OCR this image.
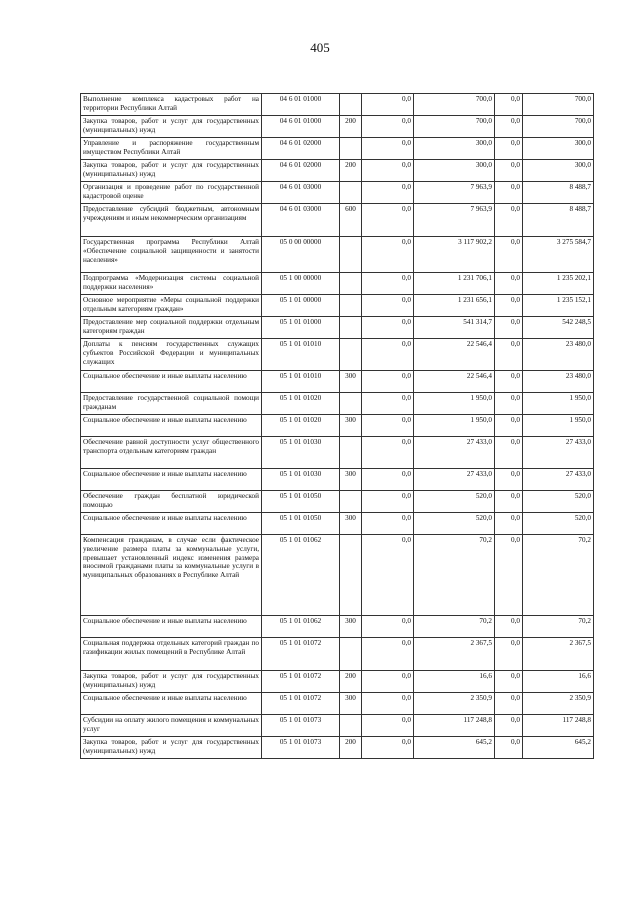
405
Выполнение комплекса кадастровых работ на территории Республики Алтай	04 6 01 01000		0,0	700,0	0,0	700,0
Закупка товаров, работ и услуг для государственных (муниципальных) нужд	04 6 01 01000	200	0,0	700,0	0,0	700,0
Управление и распоряжение государственным имуществом Республики Алтай	04 6 01 02000		0,0	300,0	0,0	300,0
Закупка товаров, работ и услуг для государственных (муниципальных) нужд	04 6 01 02000	200	0,0	300,0	0,0	300,0
Организация и проведение работ по государственной кадастровой оценке	04 6 01 03000		0,0	7 963,9	0,0	8 488,7
Предоставление субсидий бюджетным, автономным учреждениям и иным некоммерческим организациям	04 6 01 03000	600	0,0	7 963,9	0,0	8 488,7
Государственная программа Республики Алтай «Обеспечение социальной защищенности и занятости населения»	05 0 00 00000		0,0	3 117 902,2	0,0	3 275 584,7
Подпрограмма «Модернизация системы социальной поддержки населения»	05 1 00 00000		0,0	1 231 706,1	0,0	1 235 202,1
Основное мероприятие «Меры социальной поддержки отдельным категориям граждан»	05 1 01 00000		0,0	1 231 656,1	0,0	1 235 152,1
Предоставление мер социальной поддержки отдельным категориям граждан	05 1 01 01000		0,0	541 314,7	0,0	542 248,5
Доплаты к пенсиям государственных служащих субъектов Российской Федерации и муниципальных служащих	05 1 01 01010		0,0	22 546,4	0,0	23 480,0
Социальное обеспечение и иные выплаты населению	05 1 01 01010	300	0,0	22 546,4	0,0	23 480,0
Предоставление государственной социальной помощи гражданам	05 1 01 01020		0,0	1 950,0	0,0	1 950,0
Социальное обеспечение и иные выплаты населению	05 1 01 01020	300	0,0	1 950,0	0,0	1 950,0
Обеспечение равной доступности услуг общественного транспорта отдельным категориям граждан	05 1 01 01030		0,0	27 433,0	0,0	27 433,0
Социальное обеспечение и иные выплаты населению	05 1 01 01030	300	0,0	27 433,0	0,0	27 433,0
Обеспечение граждан бесплатной юридической помощью	05 1 01 01050		0,0	520,0	0,0	520,0
Социальное обеспечение и иные выплаты населению	05 1 01 01050	300	0,0	520,0	0,0	520,0
Компенсация гражданам, в случае если фактическое увеличение размера платы за коммунальные услуги, превышает установленный индекс изменения размера вносимой гражданами платы за коммунальные услуги в муниципальных образованиях в Республике Алтай	05 1 01 01062		0,0	70,2	0,0	70,2
Социальное обеспечение и иные выплаты населению	05 1 01 01062	300	0,0	70,2	0,0	70,2
Социальная поддержка отдельных категорий граждан по газификации жилых помещений в Республике Алтай	05 1 01 01072		0,0	2 367,5	0,0	2 367,5
Закупка товаров, работ и услуг для государственных (муниципальных) нужд	05 1 01 01072	200	0,0	16,6	0,0	16,6
Социальное обеспечение и иные выплаты населению	05 1 01 01072	300	0,0	2 350,9	0,0	2 350,9
Субсидии на оплату жилого помещения и коммунальных услуг	05 1 01 01073		0,0	117 248,8	0,0	117 248,8
Закупка товаров, работ и услуг для государственных (муниципальных) нужд	05 1 01 01073	200	0,0	645,2	0,0	645,2
